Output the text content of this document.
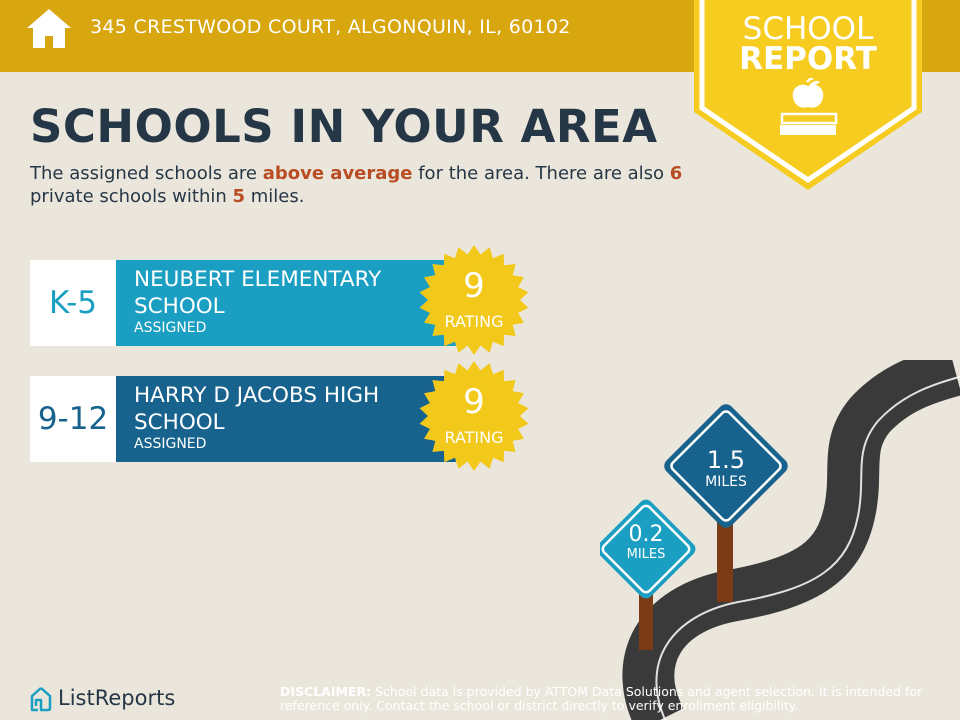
345 CRESTWOOD COURT, ALGONQUIN, IL, 60102	SCHOOL
REPORT
SCHOOLS IN YOUR AREA
The assigned schools are above average for the area. There are also 6 private schools within 5 miles.
K-5
NEUBERT ELEMENTARY SCHOOL
ASSIGNED
9
RATING
9-12
HARRY D JACOBS HIGH SCHOOL
ASSIGNED
9
RATING
1.5
MILES
0.2
MILES
ListReports	DISCLAIMER: School data is provided by ATTOM Data Solutions and agent selection. It is intended for reference only. Contact the school or district directly to verify enrollment eligibility.
